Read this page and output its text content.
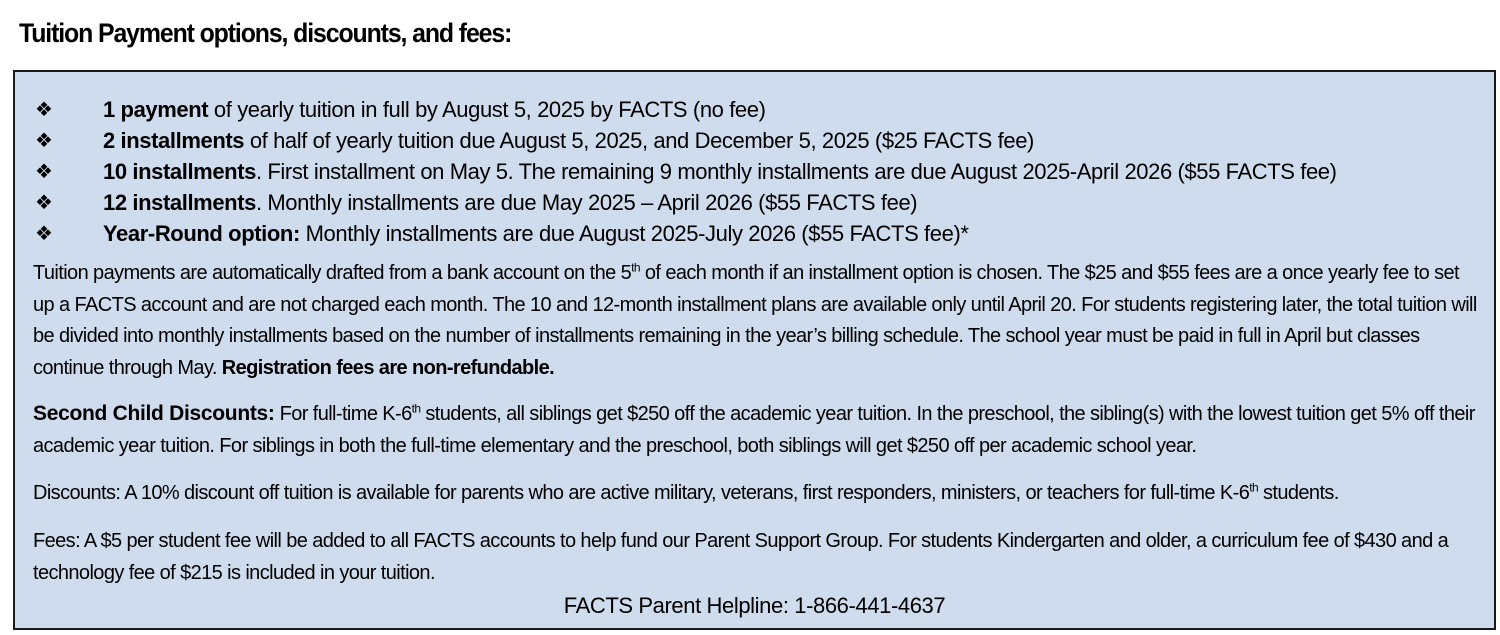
Tuition Payment options, discounts, and fees:
❖	1 payment of yearly tuition in full by August 5, 2025 by FACTS (no fee)
❖	2 installments of half of yearly tuition due August 5, 2025, and December 5, 2025 ($25 FACTS fee)
❖	10 installments. First installment on May 5. The remaining 9 monthly installments are due August 2025-April 2026 ($55 FACTS fee)
❖	12 installments. Monthly installments are due May 2025 – April 2026 ($55 FACTS fee)
❖	Year-Round option: Monthly installments are due August 2025-July 2026 ($55 FACTS fee)*

Tuition payments are automatically drafted from a bank account on the 5th of each month if an installment option is chosen. The $25 and $55 fees are a once yearly fee to set up a FACTS account and are not charged each month. The 10 and 12-month installment plans are available only until April 20. For students registering later, the total tuition will be divided into monthly installments based on the number of installments remaining in the year’s billing schedule. The school year must be paid in full in April but classes continue through May. Registration fees are non-refundable.

Second Child Discounts: For full-time K-6th students, all siblings get $250 off the academic year tuition. In the preschool, the sibling(s) with the lowest tuition get 5% off their academic year tuition. For siblings in both the full-time elementary and the preschool, both siblings will get $250 off per academic school year.

Discounts: A 10% discount off tuition is available for parents who are active military, veterans, first responders, ministers, or teachers for full-time K-6th students.

Fees: A $5 per student fee will be added to all FACTS accounts to help fund our Parent Support Group. For students Kindergarten and older, a curriculum fee of $430 and a technology fee of $215 is included in your tuition.

FACTS Parent Helpline: 1-866-441-4637
